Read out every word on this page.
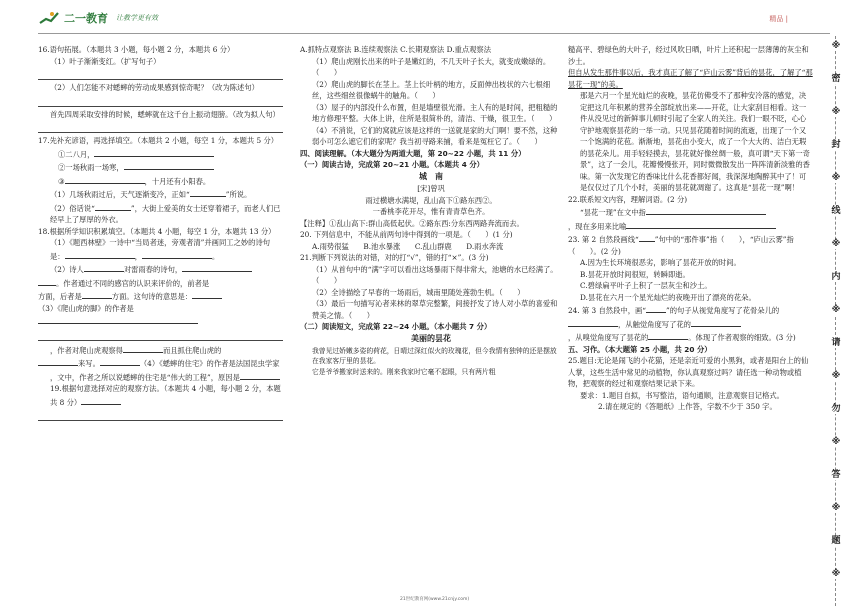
二一教育 让教学更有效	精品 |

16.语句拓展。（本题共 3 小题，每小题 2 分，本题共 6 分）

（1）叶子渐渐变红。（扩写句子）

（2）人们怎能不对蟋蟀的劳动成果感到惊奇呢？（改为陈述句）

首先四周采取安排的时候，蟋蟀就在这千台上振动翅膀。（改为拟人句）

17.先补充谚语，再选择填空。（本题共 2 小题，每空 1 分，本题共 5 分）

①二八月，

②一场秋雨一场寒，

③	，十月还有小阳春。

（1）几场秋雨过后，天气逐渐变冷，正如“	”所说。

（2）俗话说“	”，大街上爱美的女士还穿着裙子，而老人们已经早上了厚厚的外衣。

18.根据所学知识积累填空。（本题共 4 小题，每空 1 分，本题共 13 分）

（1）《题西林壁》一诗中“当局者迷，旁观者清”并画同工之妙的诗句是：	，	。

（2）诗人	对雷雨春的诗句，

。作者通过不同的感官的认识来评价的，前者是

方面，后者是	方面。这句诗的意思是：

（3）《爬山虎的脚》的作者是

，作者对爬山虎观察得	而且抓住爬山虎的

来写。	（4）《蟋蟀的住宅》的作者是法国昆虫学家

，文中，作者之所以说蟋蟀的住宅是“伟大的工程”，原因是19.根据句意选择对应的观察方法。（本题共 4 小题，每小题 2 分，本题共 8 分）

A.抓特点观察法 B.连续观察法 C.长期观察法 D.重点观察法

（1）爬山虎刚长出来的叶子是嫩红的，不几天叶子长大，就变成嫩绿的。（　　）

（2）爬山虎的脚长在茎上。茎上长叶柄的地方，反面伸出枝状的六七根细丝，这些细丝很像蜗牛的触角。（　　）

（3）屋子的内部没什么布置，但是墙壁很光滑。主人有的是时间，把粗糙的地方修理平整。大体上讲，住所是很简朴的，清洁、干燥，很卫生。（　　）

（4）不消说，它们的窝就应该是这样的一送就是家的大门啊！要不然，这种弱小可怎么遮它们的家呢？我当初寻路来捕，看来是冤枉它了。（　　）

四、阅读理解。（本大题分为两道大题，第 20~22 小题，共 11 分）

（一）阅读古诗，完成第 20~21 小题。（本题共 4 分）

城　南

[宋]曾巩

雨过横塘水满堤，乱山高下①路东西②。

一番桃李花开尽，惟有青青草色齐。

【注释】①乱山高下:群山高低起伏。②路东西:分东西两路奔流而去。

20. 下列信息中，不能从前两句诗中得到的一项是。（　　）(1 分)

A.雨势很猛　　B.池水暴涨　　C.乱山群鹿　　D.雨水奔流

21.判断下列说法的对错，对的打“√”，错的打“×”。(3 分)

（1）从首句中的“满”字可以看出这场暴雨下得非常大，池塘的水已经满了。（　　）

（2）全诗描绘了早春的一场雨后，城南里随处莲勃生机。（　　）

（3）最后一句描写沁者来林的翠草完整繁，间接抒发了诗人对小草的喜爱和赞美之情。（　　）

（二）阅读短文，完成第 22~24 小题。（本小题共 7 分）

美丽的昙花

我曾见过娇嫩多姿的荷花，日晴过深红似火的玫瑰花，但今我情有独钟的还是摆放在我家客厅里的昙花。

它是爷爷搬家时送来的。刚来我家时它毫不起眼，只有两片粗

糙高平、碧绿色的大叶子，经过风吹日晒，叶片上还积起一层薄薄的灰尘和沙土。

但自从发生那件事以后，我才真正了解了“庐山云雾”背后的昙花，了解了“那昙花一现”的美。

那是六月一个星光灿烂的夜晚，昙花仿佛受不了那种安冷落的感觉，决定把这几年积累的营养全部绽放出来——开花，让大家刮目相看。这一件从没见过的新鲜事儿顿时引起了全家人的关注。我们一眼不眨，心心守护地观察昙花的一举一动。只见昙花随着时间的流逝，出现了一个又一个饱满的花苞。渐渐地，昙花由小变大，成了一个大大的、洁白无瑕的昙花朵儿。用手轻轻摸去，昙花就好像丝绸一般，真可谓“天下第一奇景”，这了一会儿，花瓣慢慢张开，同时微微散发出一阵阵清新淡雅的香味。第一次发现它的香味比什么花香都好闻，我深深地陶醉其中了！可是仅仅过了几个小时，美丽的昙花就凋谢了。这真是“昙花一现”啊！

22.联系短文内容，理解词语。(2 分)

“昙花一现”在文中指

，现在多用来比喻

23. 第 2 自然段画线“ ”句中的“那件事”指（　　），“庐山云雾”指（　　）。(2 分)

A.因为生长环境很恶劣，影响了昙花开放的时间。

B.昙花开放时间很短，转瞬即逝。

C.碧绿扁平叶子上积了一层灰尘和沙土。

D.昙花在六月一个星光灿烂的夜晚开出了漂亮的花朵。

24. 第 3 自然段中，画“	”的句子从视觉角度写了花骨朵儿的

，从触觉角度写了花的

，从嗅觉角度写了昙花的	。体现了作者观察的细致。(3 分)

五、习作。（本大题第 25 小题，共 20 分）

25.题目:无论是闹飞的小花猫，还是亲近可爱的小黑狗，或者是阳台上的仙人掌，这些生活中常见的动植物，你认真观察过吗？请任选一种动物或植物，把观察的经过和观察结果记录下来。

要求：1.题目自拟，书写整洁，语句通顺，注意观察目记格式。

2.请在规定的《答题纸》上作答，字数不少于 350 字。

21世纪教育网(www.21cnjy.com)
※
密
※
封
※
线
※
内
※
请
※
勿
※
答
※
题
※
